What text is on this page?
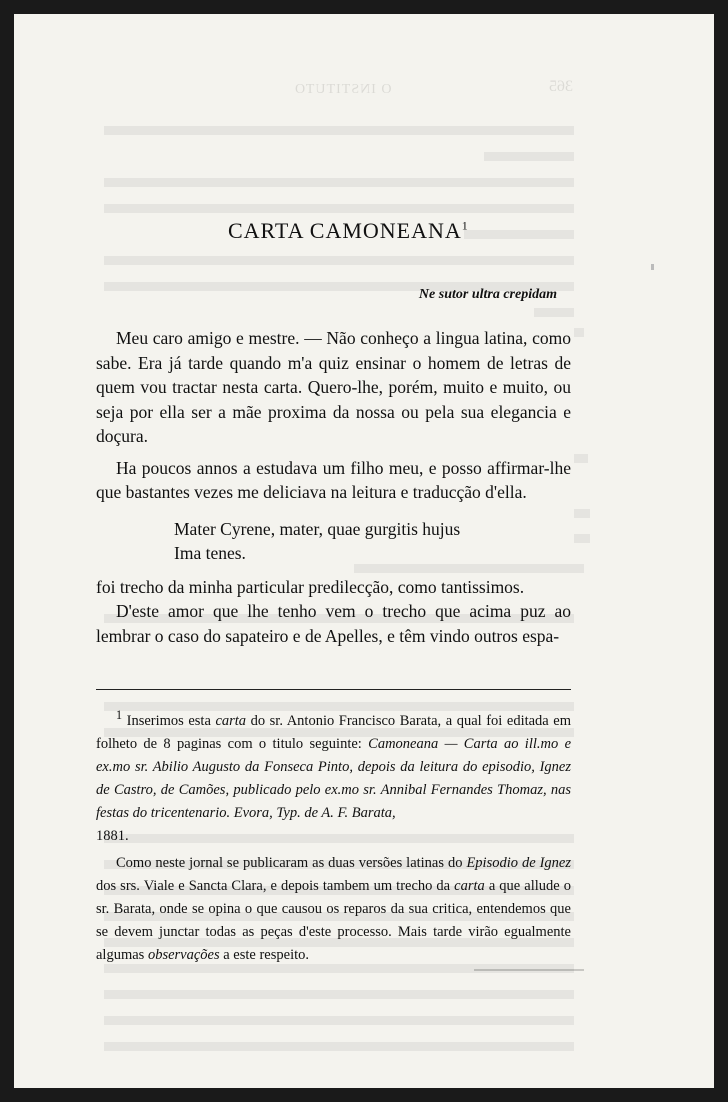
O INSTITUTO	365
CARTA CAMONEANA$^1$
Ne sutor ultra crepidam

Meu caro amigo e mestre. — Não conheço a lingua latina, como sabe. Era já tarde quando m'a quiz ensinar o homem de letras de quem vou tractar nesta carta. Quero-lhe, porém, muito e muito, ou seja por ella ser a mãe proxima da nossa ou pela sua elegancia e doçura.

Ha poucos annos a estudava um filho meu, e posso affirmar-lhe que bastantes vezes me deliciava na leitura e traducção d'ella.

Mater Cyrene, mater, quae gurgitis hujus
Ima tenes.

foi trecho da minha particular predilecção, como tantissimos.

D'este amor que lhe tenho vem o trecho que acima puz ao lembrar o caso do sapateiro e de Apelles, e têm vindo outros espa-

$^1$ Inserimos esta carta do sr. Antonio Francisco Barata, a qual foi editada em folheto de 8 paginas com o titulo seguinte: Camoneana — Carta ao ill.mo e ex.mo sr. Abilio Augusto da Fonseca Pinto, depois da leitura do episodio, Ignez de Castro, de Camões, publicado pelo ex.mo sr. Annibal Fernandes Thomaz, nas festas do tricentenario. Evora, Typ. de A. F. Barata,
1881.

Como neste jornal se publicaram as duas versões latinas do Episodio de Ignez dos srs. Viale e Sancta Clara, e depois tambem um trecho da carta a que allude o sr. Barata, onde se opina o que causou os reparos da sua critica, entendemos que se devem junctar todas as peças d'este processo. Mais tarde virão egualmente algumas observações a este respeito.
